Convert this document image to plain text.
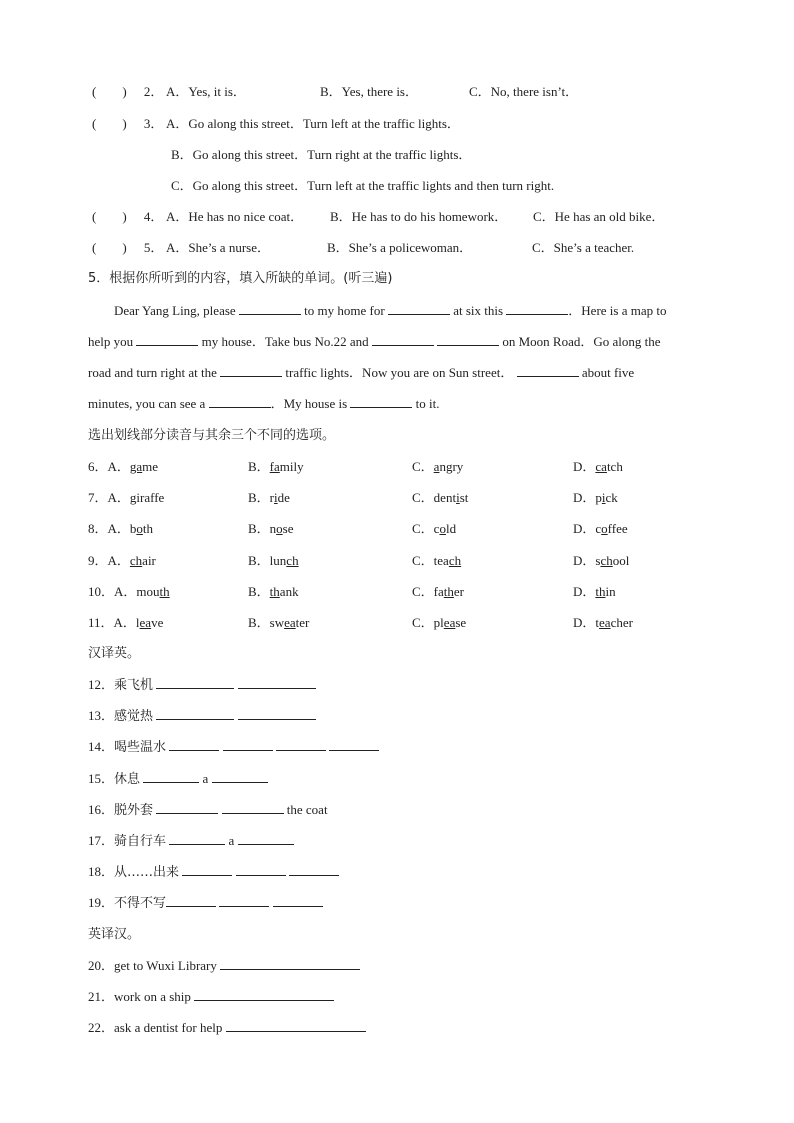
(　　) 2． A．Yes, it is．	B．Yes, there is．	C．No, there isn’t．
(　　) 3． A．Go along this street．Turn left at the traffic lights．
B．Go along this street．Turn right at the traffic lights．
C．Go along this street．Turn left at the traffic lights and then turn right.
(　　) 4． A．He has no nice coat． B．He has to do his homework． C．He has an old bike．
(　　) 5． A．She’s a nurse．	B．She’s a policewoman．	C．She’s a teacher.
5．根据你所听到的内容，填入所缺的单词。(听三遍)
Dear Yang Ling, please	to my home for	at six this	．Here is a map to
help you	my house．Take bus No.22 and	on Moon Road．Go along the
road and turn right at the	traffic lights．Now you are on Sun street．	about five
minutes, you can see a	．My house is	to it.
选出划线部分读音与其余三个不同的选项。
6．A．game	B．family	C．angry	D．catch
7．A．giraffe	B．ride	C．dentist	D．pick
8．A．both	B．nose	C．cold	D．coffee
9．A．chair	B．lunch	C．teach	D．school
10．A．mouth	B．thank	C．father	D．thin
11．A．leave	B．sweater	C．please	D．teacher
汉译英。
12．乘飞机
13．感觉热
14．喝些温水
15．休息	a
16．脱外套	the coat
17．骑自行车	a
18．从……出来
19．不得不写
英译汉。
20．get to Wuxi Library
21．work on a ship
22．ask a dentist for help
